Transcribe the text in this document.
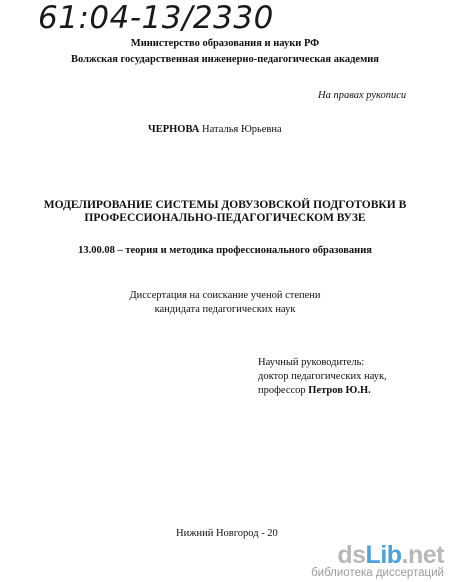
61:04-13/2330
Министерство образования и науки РФ
Волжская государственная инженерно-педагогическая академия
На правах рукописи
ЧЕРНОВА Наталья Юрьевна
МОДЕЛИРОВАНИЕ СИСТЕМЫ ДОВУЗОВСКОЙ ПОДГОТОВКИ В
ПРОФЕССИОНАЛЬНО-ПЕДАГОГИЧЕСКОМ ВУЗЕ
13.00.08 – теория и методика профессионального образования
Диссертация на соискание ученой степени
кандидата педагогических наук
Научный руководитель:
доктор педагогических наук,
профессор Петров Ю.Н.
Нижний Новгород - 20
dsLib.net
библиотека диссертаций
